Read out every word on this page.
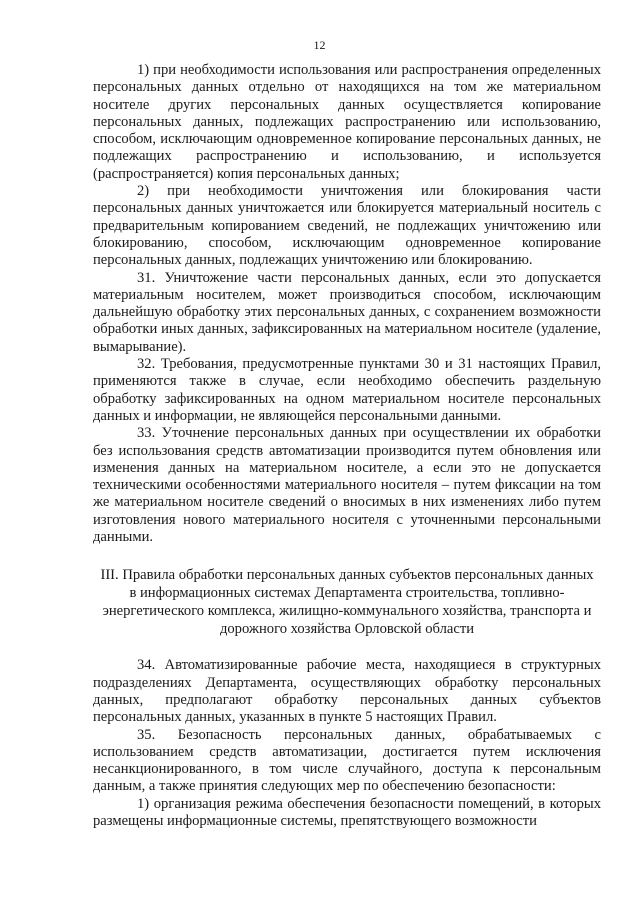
12

1) при необходимости использования или распространения определенных персональных данных отдельно от находящихся на том же материальном носителе других персональных данных осуществляется копирование персональных данных, подлежащих распространению или использованию, способом, исключающим одновременное копирование персональных данных, не подлежащих распространению и использованию, и используется (распространяется) копия персональных данных;

2) при необходимости уничтожения или блокирования части персональных данных уничтожается или блокируется материальный носитель с предварительным копированием сведений, не подлежащих уничтожению или блокированию, способом, исключающим одновременное копирование персональных данных, подлежащих уничтожению или блокированию.

31. Уничтожение части персональных данных, если это допускается материальным носителем, может производиться способом, исключающим дальнейшую обработку этих персональных данных, с сохранением возможности обработки иных данных, зафиксированных на материальном носителе (удаление, вымарывание).

32. Требования, предусмотренные пунктами 30 и 31 настоящих Правил, применяются также в случае, если необходимо обеспечить раздельную обработку зафиксированных на одном материальном носителе персональных данных и информации, не являющейся персональными данными.

33. Уточнение персональных данных при осуществлении их обработки без использования средств автоматизации производится путем обновления или изменения данных на материальном носителе, а если это не допускается техническими особенностями материального носителя – путем фиксации на том же материальном носителе сведений о вносимых в них изменениях либо путем изготовления нового материального носителя с уточненными персональными данными.

III. Правила обработки персональных данных субъектов персональных данных в информационных системах Департамента строительства, топливно-энергетического комплекса, жилищно-коммунального хозяйства, транспорта и дорожного хозяйства Орловской области

34. Автоматизированные рабочие места, находящиеся в структурных подразделениях Департамента, осуществляющих обработку персональных данных, предполагают обработку персональных данных субъектов персональных данных, указанных в пункте 5 настоящих Правил.

35. Безопасность персональных данных, обрабатываемых с использованием средств автоматизации, достигается путем исключения несанкционированного, в том числе случайного, доступа к персональным данным, а также принятия следующих мер по обеспечению безопасности:

1) организация режима обеспечения безопасности помещений, в которых размещены информационные системы, препятствующего возможности
